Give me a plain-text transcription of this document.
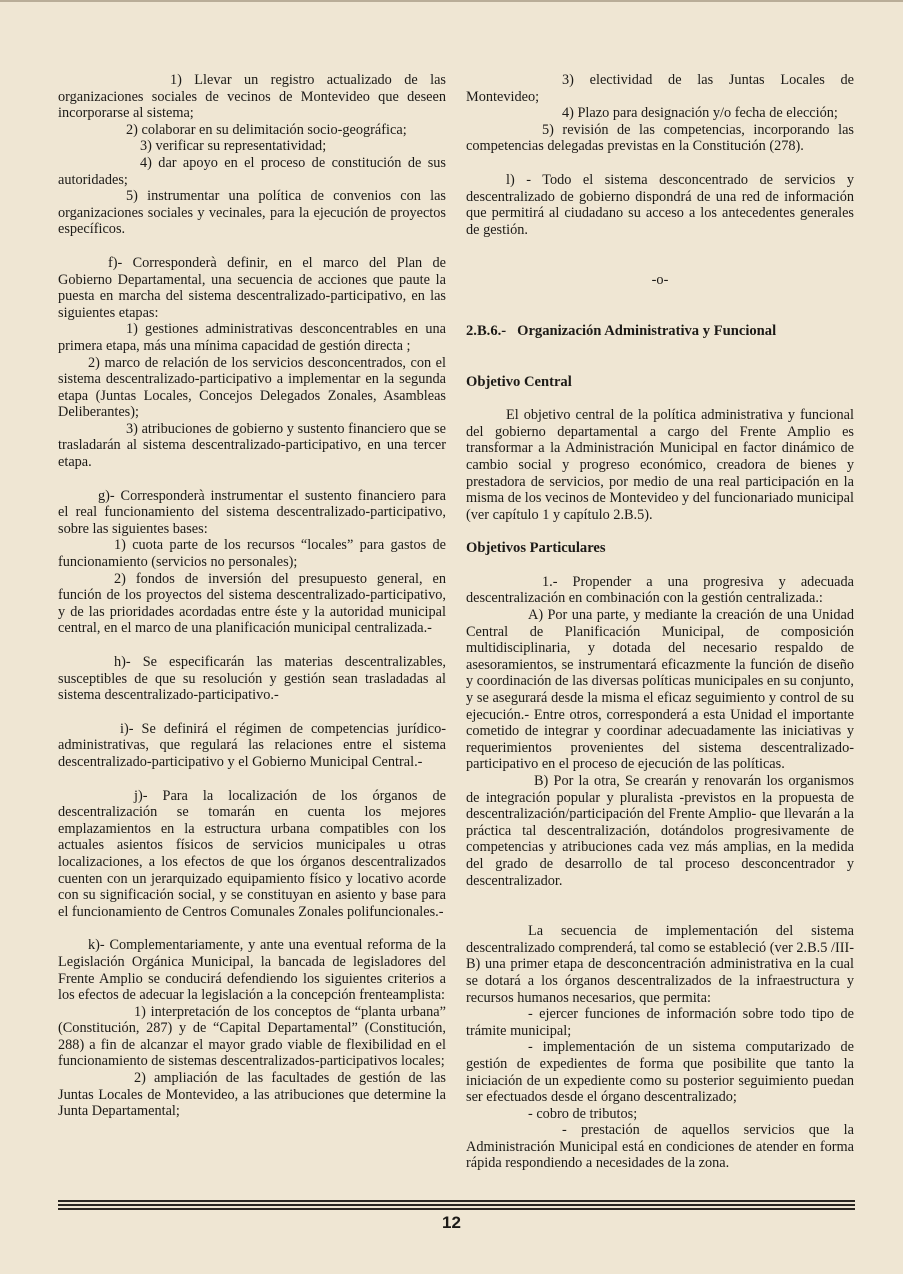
1) Llevar un registro actualizado de las organizaciones sociales de vecinos de Montevideo que deseen incorporarse al sistema;

2) colaborar en su delimitación socio-geográfica;

3) verificar su representatividad;

4) dar apoyo en el proceso de constitución de sus autoridades;

5) instrumentar una política de convenios con las organizaciones sociales y vecinales, para la ejecución de proyectos específicos.

f)- Corresponderà definir, en el marco del Plan de Gobierno Departamental, una secuencia de acciones que paute la puesta en marcha del sistema descentralizado-participativo, en las siguientes etapas:

1) gestiones administrativas desconcentrables en una primera etapa, más una mínima capacidad de gestión directa ;

2) marco de relación de los servicios desconcentrados, con el sistema descentralizado-participativo a implementar en la segunda etapa (Juntas Locales, Concejos Delegados Zonales, Asambleas Deliberantes);

3) atribuciones de gobierno y sustento financiero que se trasladarán al sistema descentralizado-participativo, en una tercer etapa.

g)- Corresponderà instrumentar el sustento financiero para el real funcionamiento del sistema descentralizado-participativo, sobre las siguientes bases:

1) cuota parte de los recursos “locales” para gastos de funcionamiento (servicios no personales);

2) fondos de inversión del presupuesto general, en función de los proyectos del sistema descentralizado-participativo, y de las prioridades acordadas entre éste y la autoridad municipal central, en el marco de una planificación municipal centralizada.-

h)- Se especificarán las materias descentralizables, susceptibles de que su resolución y gestión sean trasladadas al sistema descentralizado-participativo.-

i)- Se definirá el régimen de competencias jurídico-administrativas, que regulará las relaciones entre el sistema descentralizado-participativo y el Gobierno Municipal Central.-

j)- Para la localización de los órganos de descentralización se tomarán en cuenta los mejores emplazamientos en la estructura urbana compatibles con los actuales asientos físicos de servicios municipales u otras localizaciones, a los efectos de que los órganos descentralizados cuenten con un jerarquizado equipamiento físico y locativo acorde con su significación social, y se constituyan en asiento y base para el funcionamiento de Centros Comunales Zonales polifuncionales.-

k)- Complementariamente, y ante una eventual reforma de la Legislación Orgánica Municipal, la bancada de legisladores del Frente Amplio se conducirá defendiendo los siguientes criterios a los efectos de adecuar la legislación a la concepción frenteamplista:

1) interpretación de los conceptos de “planta urbana” (Constitución, 287) y de “Capital Departamental” (Constitución, 288) a fin de alcanzar el mayor grado viable de flexibilidad en el funcionamiento de sistemas descentralizados-participativos locales;

2) ampliación de las facultades de gestión de las Juntas Locales de Montevideo, a las atribuciones que determine la Junta Departamental;

3) electividad de las Juntas Locales de Montevideo;

4) Plazo para designación y/o fecha de elección;

5) revisión de las competencias, incorporando las competencias delegadas previstas en la Constitución (278).

l) - Todo el sistema desconcentrado de servicios y descentralizado de gobierno dispondrá de una red de información que permitirá al ciudadano su acceso a los antecedentes generales de gestión.

-o-

2.B.6.- Organización Administrativa y Funcional

Objetivo Central

El objetivo central de la política administrativa y funcional del gobierno departamental a cargo del Frente Amplio es transformar a la Administración Municipal en factor dinámico de cambio social y progreso económico, creadora de bienes y prestadora de servicios, por medio de una real participación en la misma de los vecinos de Montevideo y del funcionariado municipal (ver capítulo 1 y capítulo 2.B.5).

Objetivos Particulares

1.- Propender a una progresiva y adecuada descentralización en combinación con la gestión centralizada.:

A) Por una parte, y mediante la creación de una Unidad Central de Planificación Municipal, de composición multidisciplinaria, y dotada del necesario respaldo de asesoramientos, se instrumentará eficazmente la función de diseño y coordinación de las diversas políticas municipales en su conjunto, y se asegurará desde la misma el eficaz seguimiento y control de su ejecución.- Entre otros, corresponderá a esta Unidad el importante cometido de integrar y coordinar adecuadamente las iniciativas y requerimientos provenientes del sistema descentralizado-participativo en el proceso de ejecución de las políticas.

B) Por la otra, Se crearán y renovarán los organismos de integración popular y pluralista -previstos en la propuesta de descentralización/participación del Frente Amplio- que llevarán a la práctica tal descentralización, dotándolos progresivamente de competencias y atribuciones cada vez más amplias, en la medida del grado de desarrollo de tal proceso desconcentrador y descentralizador.

La secuencia de implementación del sistema descentralizado comprenderá, tal como se estableció (ver 2.B.5 /III-B) una primer etapa de desconcentración administrativa en la cual se dotará a los órganos descentralizados de la infraestructura y recursos humanos necesarios, que permita:

- ejercer funciones de información sobre todo tipo de trámite municipal;

- implementación de un sistema computarizado de gestión de expedientes de forma que posibilite que tanto la iniciación de un expediente como su posterior seguimiento puedan ser efectuados desde el órgano descentralizado;

- cobro de tributos;

- prestación de aquellos servicios que la Administración Municipal está en condiciones de atender en forma rápida respondiendo a necesidades de la zona.

12
